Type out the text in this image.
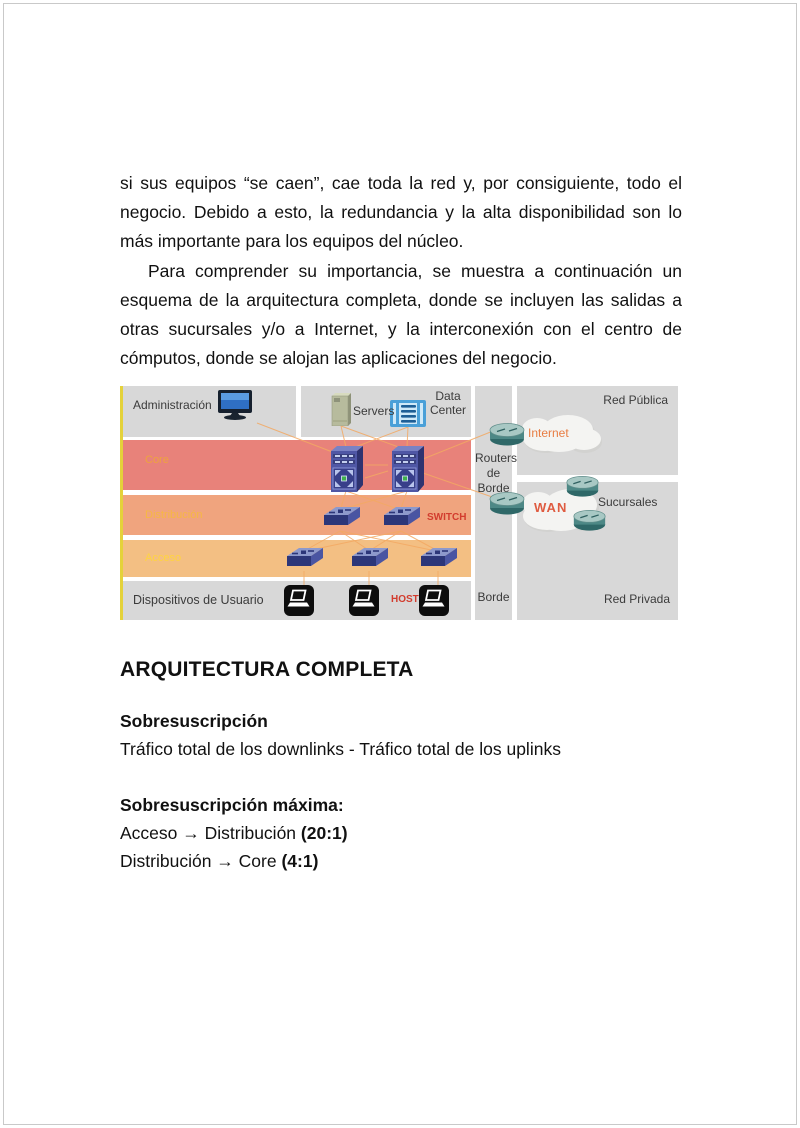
si sus equipos “se caen”, cae toda la red y, por consiguiente, todo el negocio. Debido a esto, la redundancia y la alta disponibilidad son lo más importante para los equipos del núcleo.

Para comprender su importancia, se muestra a continuación un esquema de la arquitectura completa, donde se incluyen las salidas a otras sucursales y/o a Internet, y la interconexión con el centro de cómputos, donde se alojan las aplicaciones del negocio.

Administración	Servers
Data Center
Core
Distribución	SWITCH
Acceso
Dispositivos de Usuario	HOST
Routers de Borde
Borde
Red Pública
Sucursales
Red Privada
Internet
WAN
ARQUITECTURA COMPLETA
Sobresuscripción
Tráfico total de los downlinks - Tráfico total de los uplinks
Sobresuscripción máxima:
Acceso → Distribución (20:1)
Distribución → Core (4:1)
